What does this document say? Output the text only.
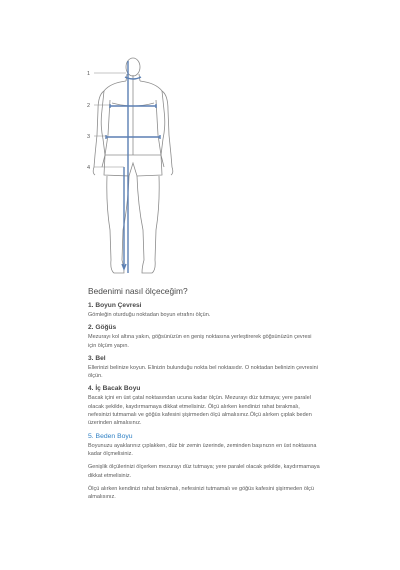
1
2
3
4
Bedenimi nasıl ölçeceğim?
1. Boyun Çevresi

Gömleğin oturduğu noktadan boyun etrafını ölçün.

2. Göğüs

Mezurayı kol altına yakın, göğsünüzün en geniş noktasına yerleştirerek göğsünüzün çevresi için ölçüm yapın.

3. Bel

Ellerinizi belinize koyun. Elinizin bulunduğu nokta bel noktasıdır. O noktadan belinizin çevresini ölçün.

4. İç Bacak Boyu

Bacak içini en üst çatal noktasından ucuna kadar ölçün. Mezurayı düz tutmaya; yere paralel olacak şekilde, kaydırmamaya dikkat etmelisiniz. Ölçü alırken kendinizi rahat bırakmalı, nefesinizi tutmamalı ve göğüs kafesini şişirmeden ölçü almalısınız.Ölçü alırken çıplak beden üzerinden almalısınız.

5. Beden Boyu

Boyunuzu ayaklarınız çıplakken, düz bir zemin üzerinde, zeminden başınızın en üst noktasına kadar ölçmelisiniz.

Genişlik ölçülerinizi ölçerken mezurayı düz tutmaya; yere paralel olacak şekilde, kaydırmamaya dikkat etmelisiniz.

Ölçü alırken kendinizi rahat bırakmalı, nefesinizi tutmamalı ve göğüs kafesini şişirmeden ölçü almalısınız.
